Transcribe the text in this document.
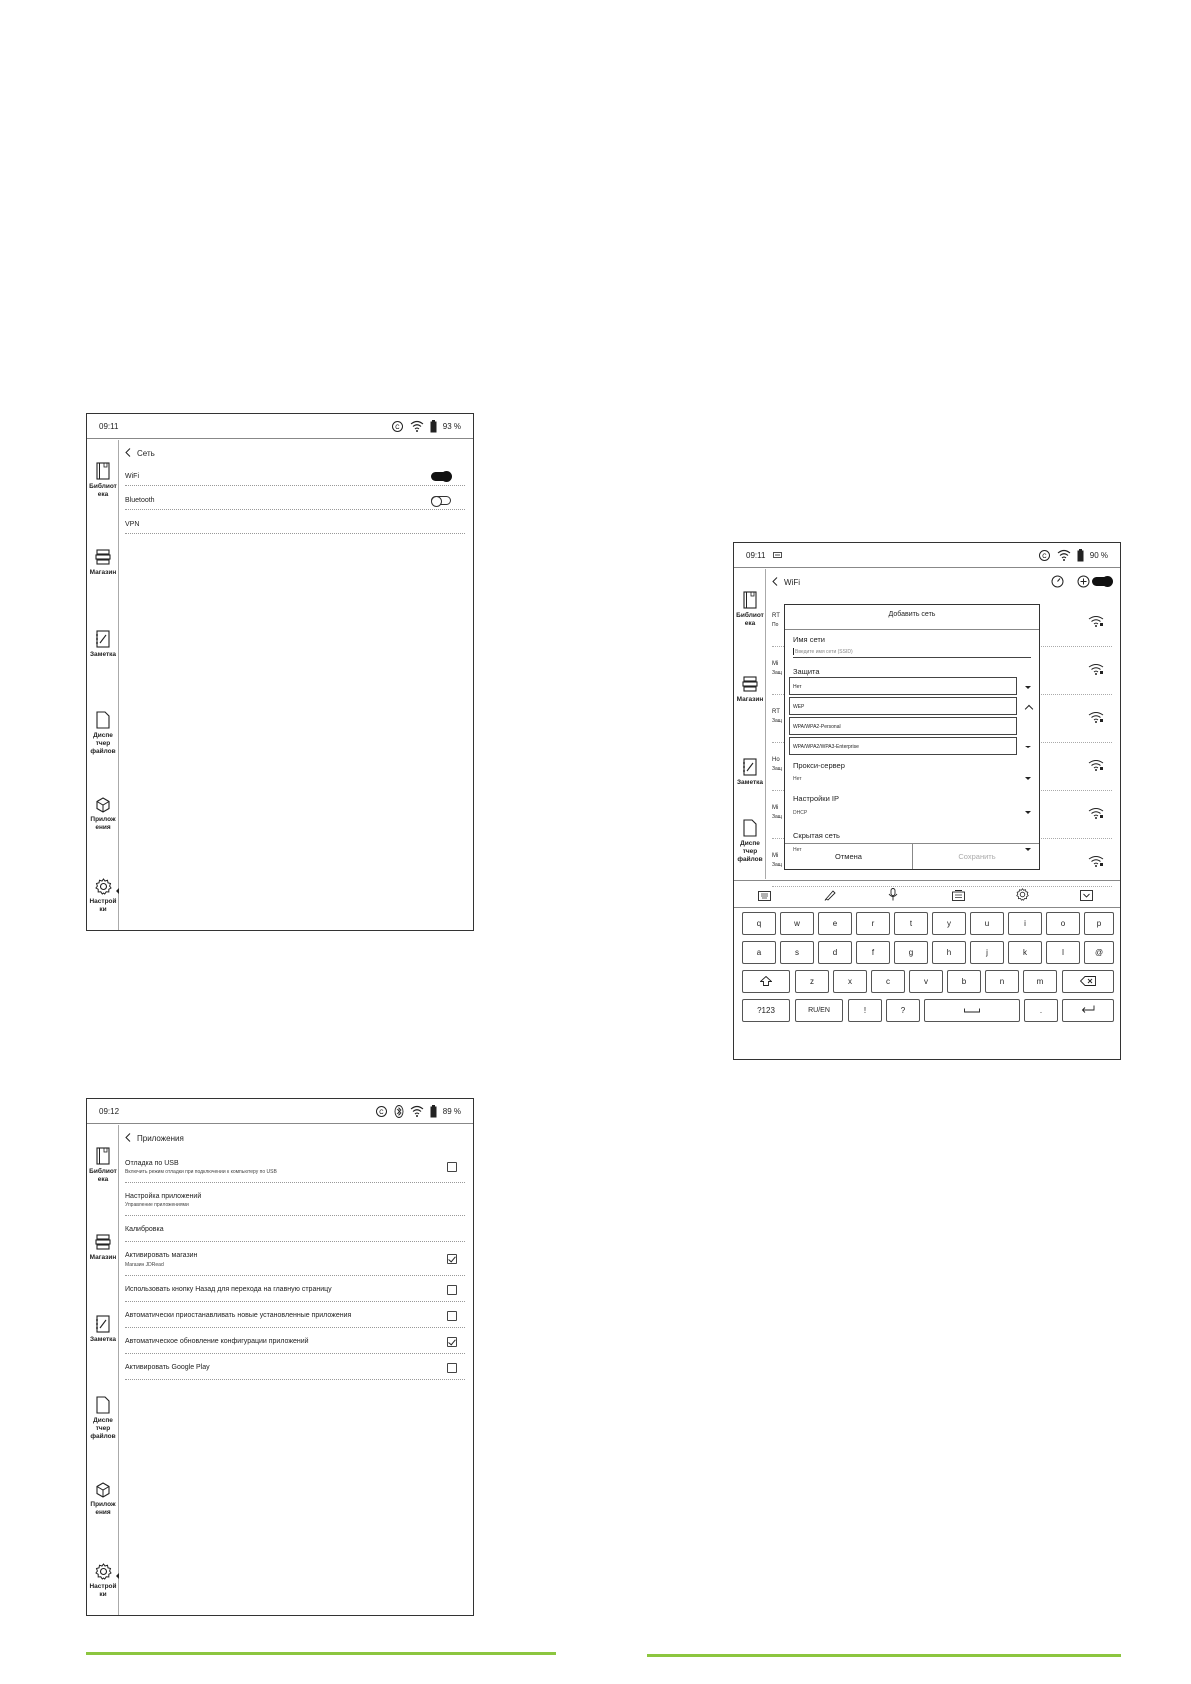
09:11	C	93 %
Библиот ека
Магазин
Заметка
Диспе тчер файлов
Прилож ения
Настрой ки
Сеть
WiFi
Bluetooth
VPN
09:12	C	89 %
Библиот ека
Магазин
Заметка
Диспе тчер файлов
Прилож ения
Настрой ки
Приложения
Отладка по USB
Включить режим отладки при подключении к компьютеру по USB
Настройка приложений
Управление приложениями
Калибровка
Активировать магазин
Магазин JDRead
Использовать кнопку Назад для перехода на главную страницу
Автоматически приостанавливать новые установленные приложения
Автоматическое обновление конфигурации приложений
Активировать Google Play
09:11	C	90 %
Библиот ека
Магазин
Заметка
Диспе тчер файлов
WiFi
RT
По
Mi
Защ
RT
Защ
Но
Защ
Mi
Защ
Mi
Защ
Добавить сеть
Имя сети
Введите имя сети (SSID)
Защита
Нет
WEP
WPA/WPA2-Personal
WPA/WPA2/WPA3-Enterprise
Прокси-сервер
Нет
Настройки IP
DHCP
Скрытая сеть
Нет
Отмена	Сохранить
q	w	e	r	t	y	u	i	o	p
a	s	d	f	g	h	j	k	l	@
z	x	c	v	b	n	m
?123	RU/EN	!	?	.
